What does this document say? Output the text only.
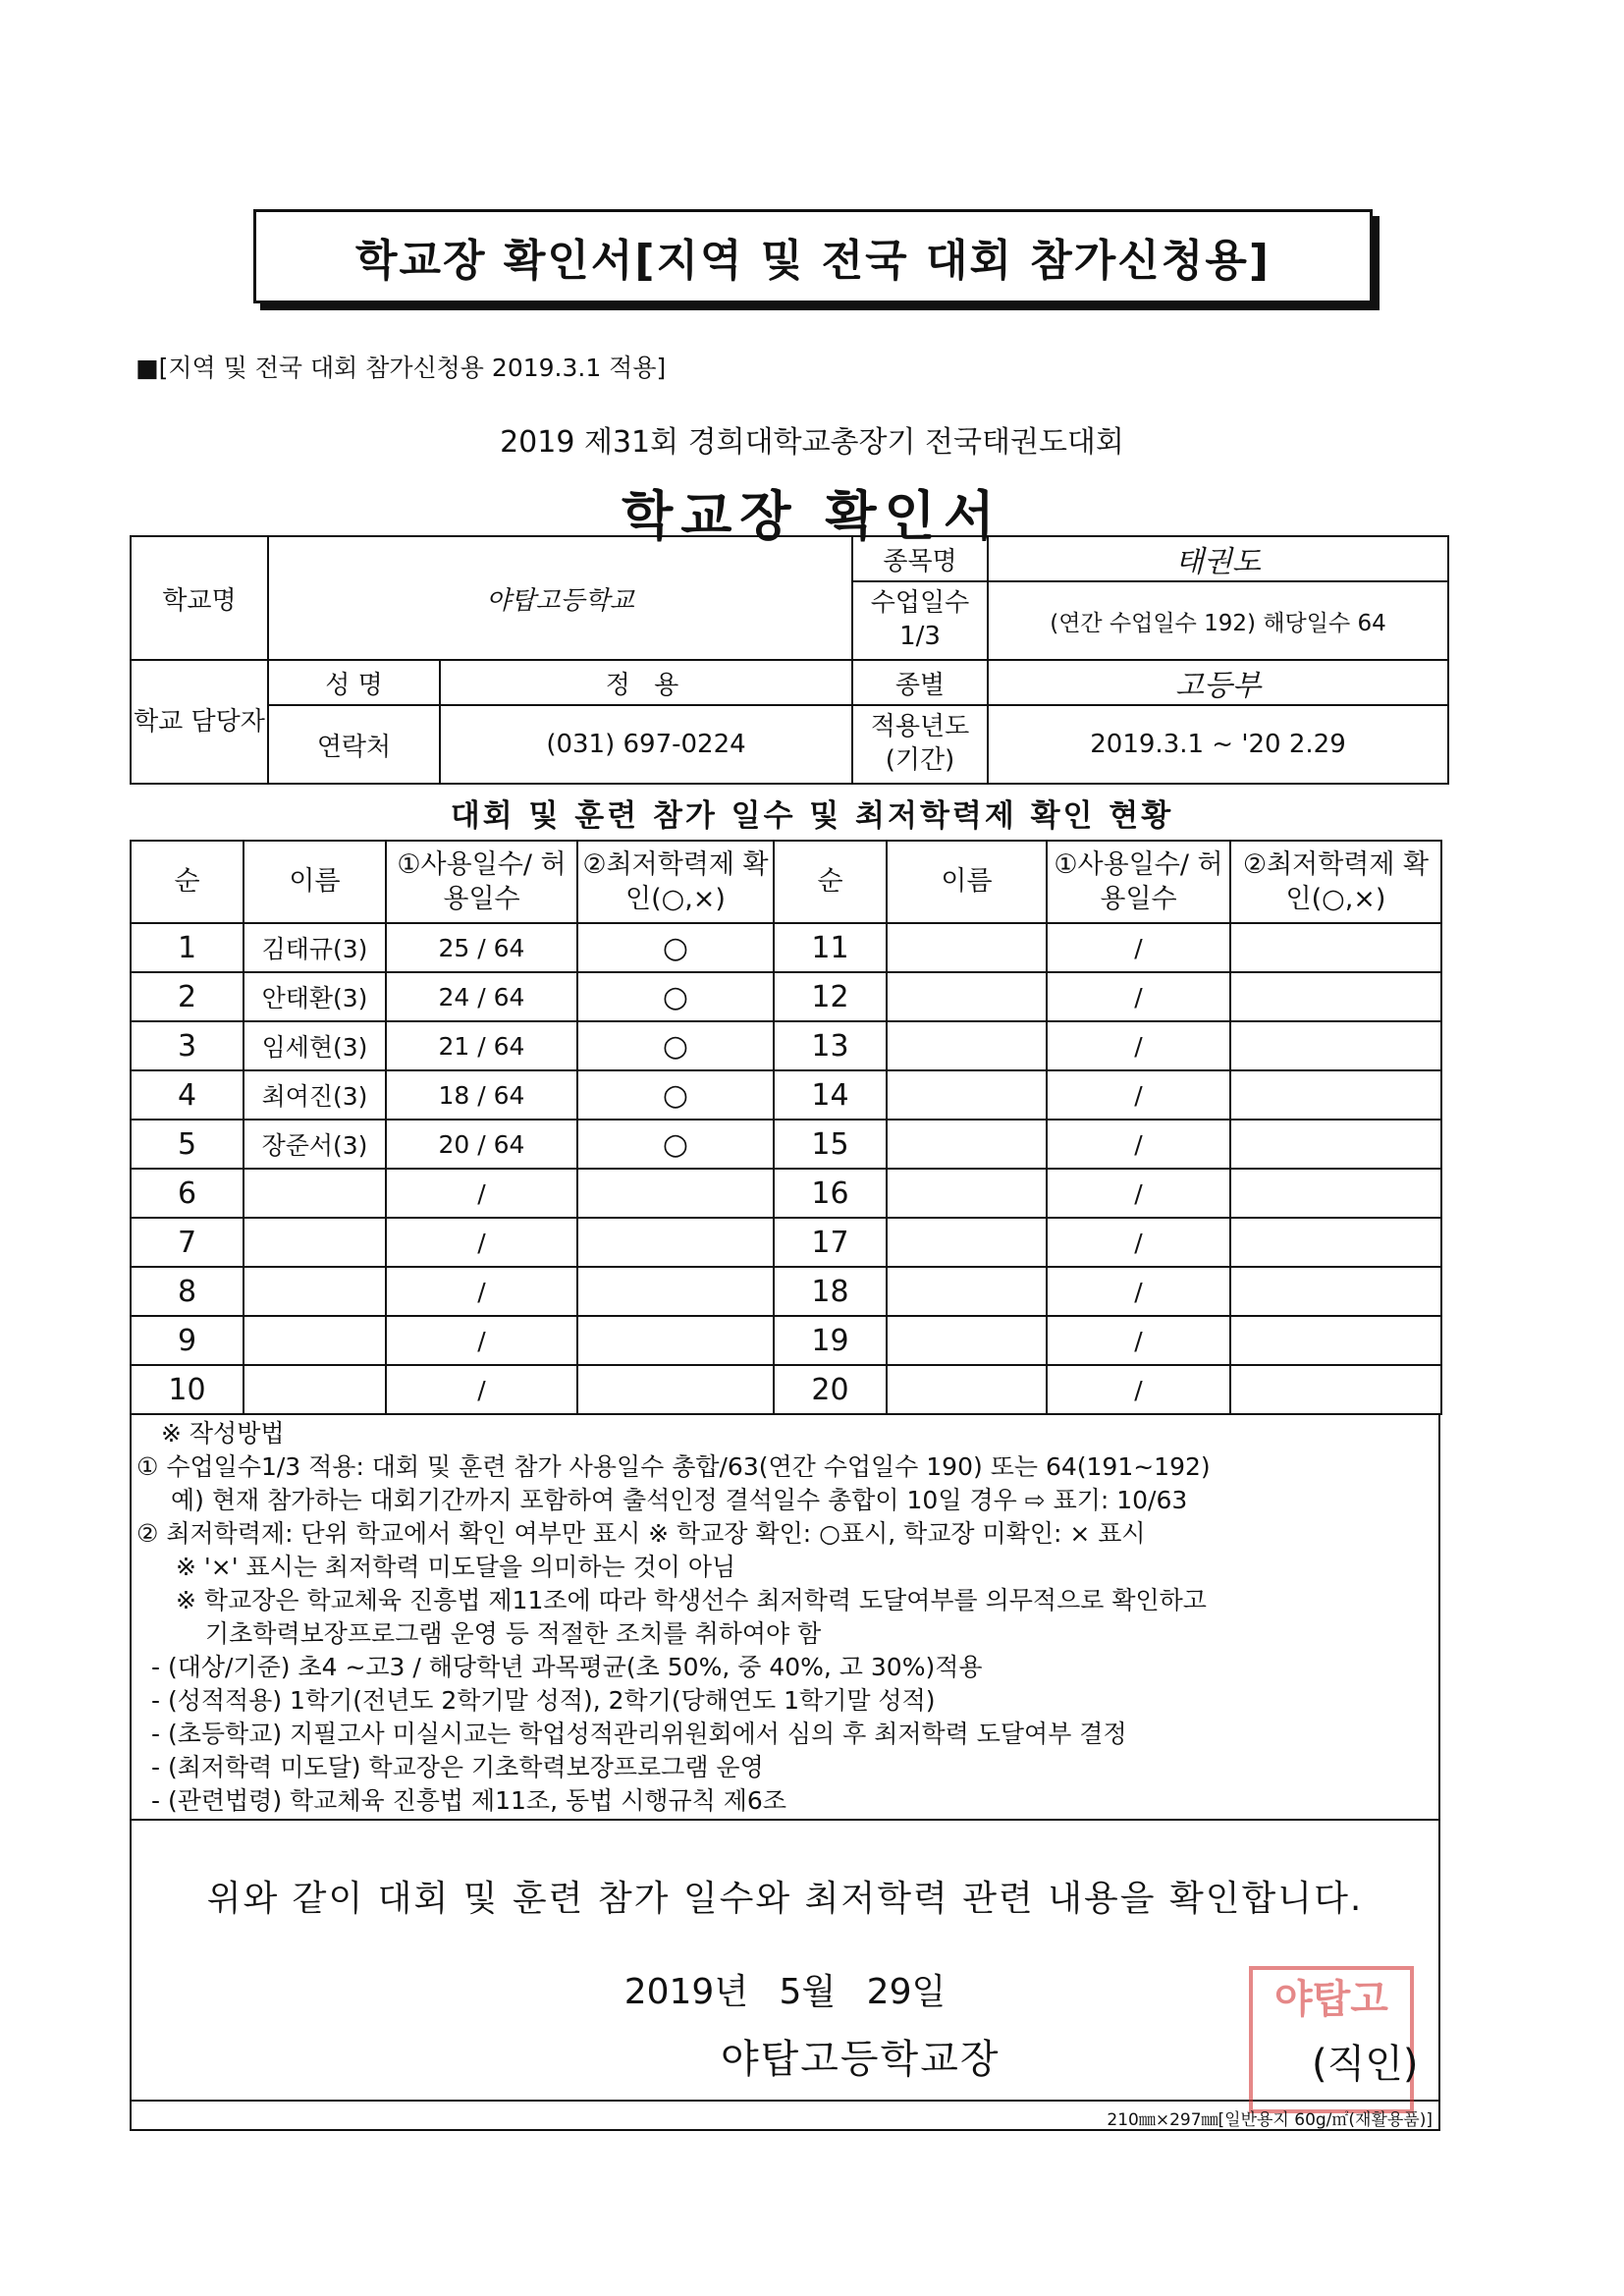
학교장 확인서[지역 및 전국 대회 참가신청용]
■[지역 및 전국 대회 참가신청용 2019.3.1 적용]
2019 제31회 경희대학교총장기 전국태권도대회
학교장 확인서
학교명	야탑고등학교		종목명	태권도
			수업일수 1/3	(연간 수업일수 192) 해당일수 64
학교 담당자	성 명	정 용	종별	고등부
	연락처	(031) 697-0224	적용년도 (기간)	2019.3.1 ~ '20 2.29
대회 및 훈련 참가 일수 및 최저학력제 확인 현황
순	이름	①사용일수/ 허용일수	②최저학력제 확인(○,×)	순	이름	①사용일수/ 허용일수	②최저학력제 확인(○,×)
1	김태규(3)	25 / 64	○	11		/	
2	안태환(3)	24 / 64	○	12		/	
3	임세현(3)	21 / 64	○	13		/	
4	최여진(3)	18 / 64	○	14		/	
5	장준서(3)	20 / 64	○	15		/	
6		/		16		/	
7		/		17		/	
8		/		18		/	
9		/		19		/	
10		/		20		/	
※ 작성방법
① 수업일수1/3 적용: 대회 및 훈련 참가 사용일수 총합/63(연간 수업일수 190) 또는 64(191~192)
예) 현재 참가하는 대회기간까지 포함하여 출석인정 결석일수 총합이 10일 경우 ⇨ 표기: 10/63
② 최저학력제: 단위 학교에서 확인 여부만 표시 ※ 학교장 확인: ○표시, 학교장 미확인: × 표시
※ '×' 표시는 최저학력 미도달을 의미하는 것이 아님
※ 학교장은 학교체육 진흥법 제11조에 따라 학생선수 최저학력 도달여부를 의무적으로 확인하고
기초학력보장프로그램 운영 등 적절한 조치를 취하여야 함
- (대상/기준) 초4 ~고3 / 해당학년 과목평균(초 50%, 중 40%, 고 30%)적용
- (성적적용) 1학기(전년도 2학기말 성적), 2학기(당해연도 1학기말 성적)
- (초등학교) 지필고사 미실시교는 학업성적관리위원회에서 심의 후 최저학력 도달여부 결정
- (최저학력 미도달) 학교장은 기초학력보장프로그램 운영
- (관련법령) 학교체육 진흥법 제11조, 동법 시행규칙 제6조
위와 같이 대회 및 훈련 참가 일수와 최저학력 관련 내용을 확인합니다.
2019년 5월 29일
야탑고등학교장
야탑고
(직인)
210㎜×297㎜[일반용지 60g/㎡(재활용품)]
